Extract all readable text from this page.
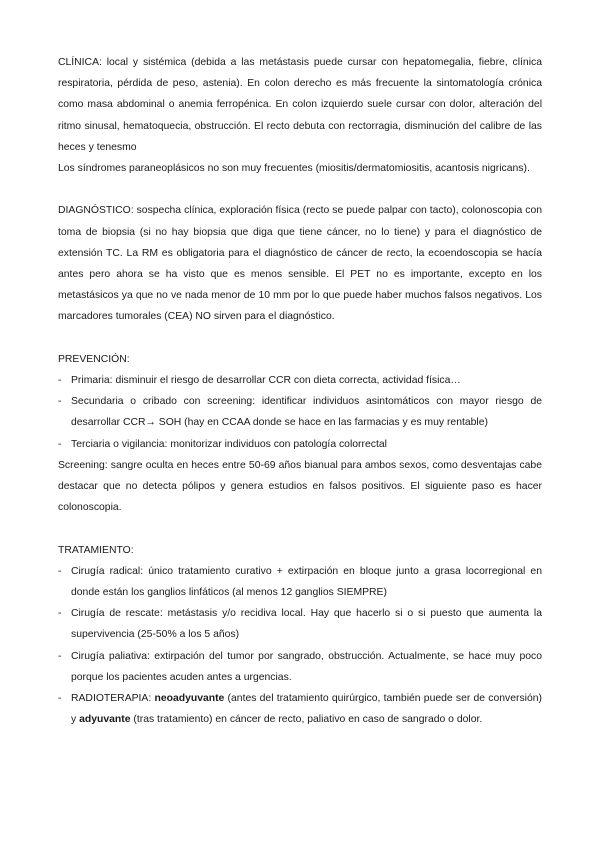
CLÍNICA: local y sistémica (debida a las metástasis puede cursar con hepatomegalia, fiebre, clínica respiratoria, pérdida de peso, astenia). En colon derecho es más frecuente la sintomatología crónica como masa abdominal o anemia ferropénica. En colon izquierdo suele cursar con dolor, alteración del ritmo sinusal, hematoquecia, obstrucción. El recto debuta con rectorragia, disminución del calibre de las heces y tenesmo

Los síndromes paraneoplásicos no son muy frecuentes (miositis/dermatomiositis, acantosis nigricans).

DIAGNÓSTICO: sospecha clínica, exploración física (recto se puede palpar con tacto), colonoscopia con toma de biopsia (si no hay biopsia que diga que tiene cáncer, no lo tiene) y para el diagnóstico de extensión TC. La RM es obligatoria para el diagnóstico de cáncer de recto, la ecoendoscopia se hacía antes pero ahora se ha visto que es menos sensible. El PET no es importante, excepto en los metastásicos ya que no ve nada menor de 10 mm por lo que puede haber muchos falsos negativos. Los marcadores tumorales (CEA) NO sirven para el diagnóstico.

PREVENCIÓN:

- Primaria: disminuir el riesgo de desarrollar CCR con dieta correcta, actividad física…
- Secundaria o cribado con screening: identificar individuos asintomáticos con mayor riesgo de desarrollar CCR→ SOH (hay en CCAA donde se hace en las farmacias y es muy rentable)
- Terciaria o vigilancia: monitorizar individuos con patología colorrectal

Screening: sangre oculta en heces entre 50-69 años bianual para ambos sexos, como desventajas cabe destacar que no detecta pólipos y genera estudios en falsos positivos. El siguiente paso es hacer colonoscopia.

TRATAMIENTO:

- Cirugía radical: único tratamiento curativo + extirpación en bloque junto a grasa locorregional en donde están los ganglios linfáticos (al menos 12 ganglios SIEMPRE)
- Cirugía de rescate: metástasis y/o recidiva local. Hay que hacerlo si o si puesto que aumenta la supervivencia (25-50% a los 5 años)
- Cirugía paliativa: extirpación del tumor por sangrado, obstrucción. Actualmente, se hace muy poco porque los pacientes acuden antes a urgencias.
- RADIOTERAPIA: neoadyuvante (antes del tratamiento quirúrgico, también puede ser de conversión) y adyuvante (tras tratamiento) en cáncer de recto, paliativo en caso de sangrado o dolor.
